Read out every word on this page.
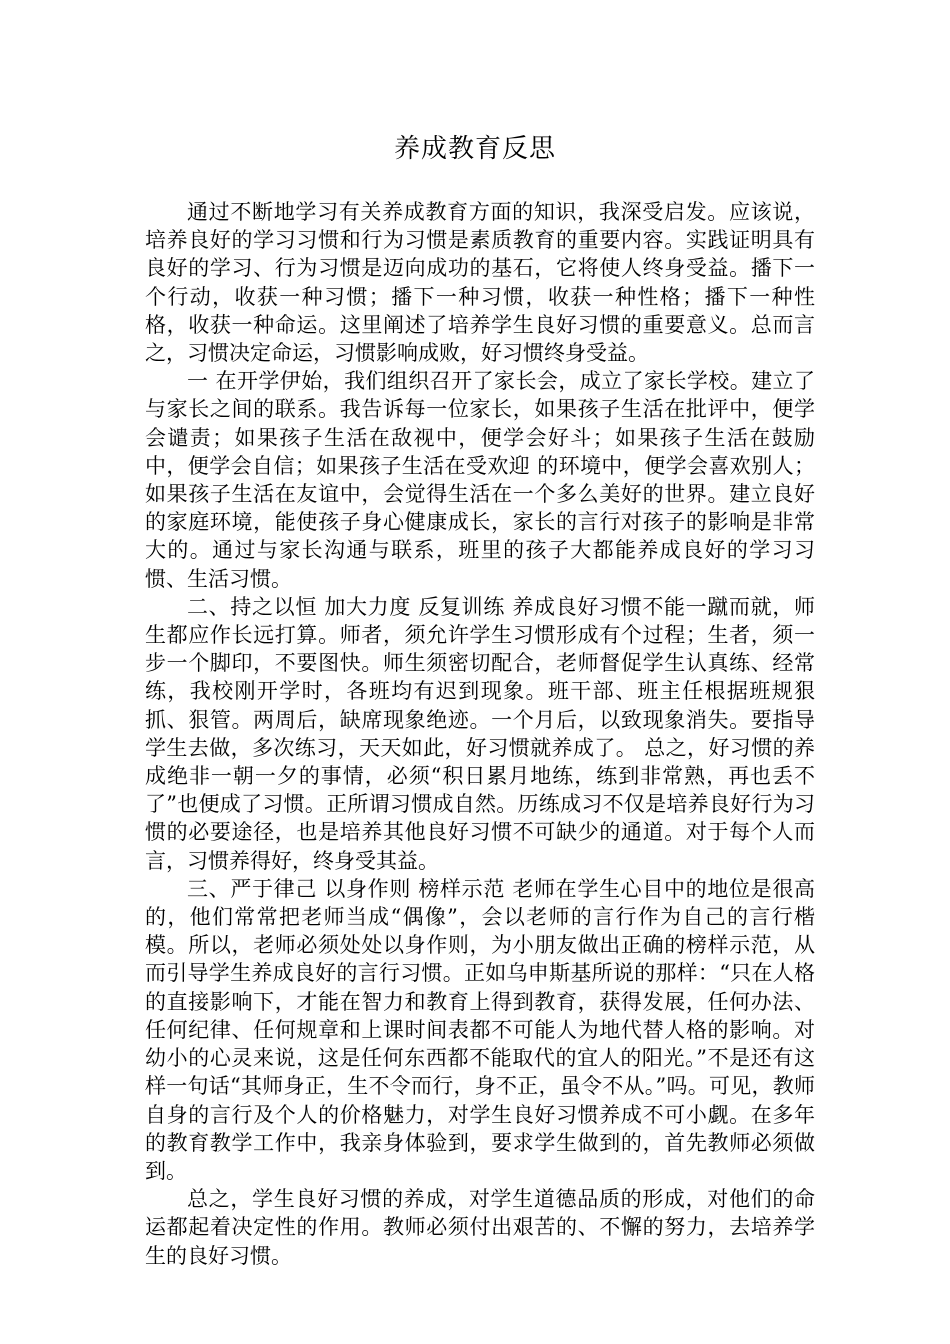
养成教育反思

通过不断地学习有关养成教育方面的知识，我深受启发。应该说，培养良好的学习习惯和行为习惯是素质教育的重要内容。实践证明具有良好的学习、行为习惯是迈向成功的基石，它将使人终身受益。播下一个行动，收获一种习惯；播下一种习惯，收获一种性格；播下一种性格，收获一种命运。这里阐述了培养学生良好习惯的重要意义。总而言之，习惯决定命运，习惯影响成败，好习惯终身受益。

一 在开学伊始，我们组织召开了家长会，成立了家长学校。建立了与家长之间的联系。我告诉每一位家长，如果孩子生活在批评中，便学会谴责；如果孩子生活在敌视中，便学会好斗；如果孩子生活在鼓励中，便学会自信；如果孩子生活在受欢迎 的环境中，便学会喜欢别人；如果孩子生活在友谊中，会觉得生活在一个多么美好的世界。建立良好的家庭环境，能使孩子身心健康成长，家长的言行对孩子的影响是非常大的。通过与家长沟通与联系，班里的孩子大都能养成良好的学习习惯、生活习惯。

二、持之以恒 加大力度 反复训练 养成良好习惯不能一蹴而就，师生都应作长远打算。师者，须允许学生习惯形成有个过程；生者，须一步一个脚印，不要图快。师生须密切配合，老师督促学生认真练、经常练，我校刚开学时，各班均有迟到现象。班干部、班主任根据班规狠抓、狠管。两周后，缺席现象绝迹。一个月后，以致现象消失。要指导学生去做，多次练习，天天如此，好习惯就养成了。 总之，好习惯的养成绝非一朝一夕的事情，必须“积日累月地练，练到非常熟，再也丢不了”也便成了习惯。正所谓习惯成自然。历练成习不仅是培养良好行为习惯的必要途径，也是培养其他良好习惯不可缺少的通道。对于每个人而言，习惯养得好，终身受其益。

三、严于律己 以身作则 榜样示范 老师在学生心目中的地位是很高的，他们常常把老师当成“偶像”，会以老师的言行作为自己的言行楷模。所以，老师必须处处以身作则，为小朋友做出正确的榜样示范，从而引导学生养成良好的言行习惯。正如乌申斯基所说的那样：“只在人格的直接影响下，才能在智力和教育上得到教育，获得发展，任何办法、任何纪律、任何规章和上课时间表都不可能人为地代替人格的影响。对幼小的心灵来说，这是任何东西都不能取代的宜人的阳光。”不是还有这样一句话“其师身正，生不令而行，身不正，虽令不从。”吗。可见，教师自身的言行及个人的价格魅力，对学生良好习惯养成不可小觑。在多年的教育教学工作中，我亲身体验到，要求学生做到的，首先教师必须做到。

总之，学生良好习惯的养成，对学生道德品质的形成，对他们的命运都起着决定性的作用。教师必须付出艰苦的、不懈的努力，去培养学生的良好习惯。
